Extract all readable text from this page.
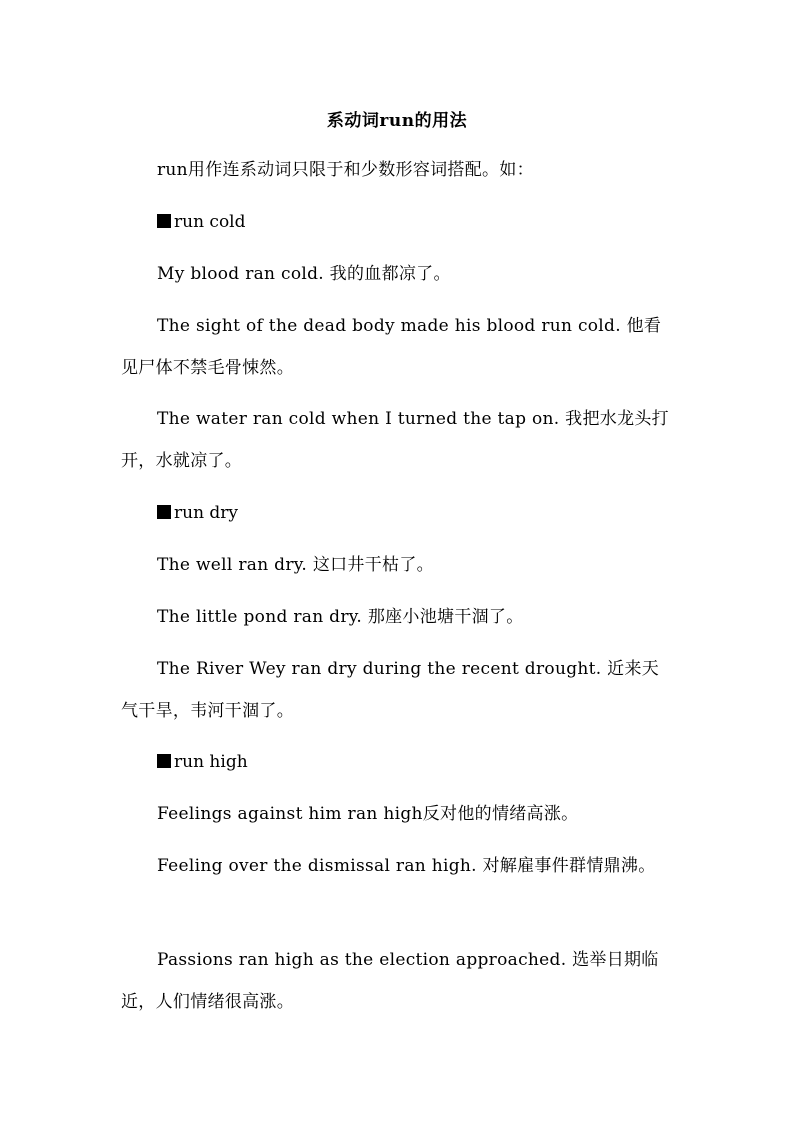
系动词run的用法
run用作连系动词只限于和少数形容词搭配。如：
run cold
My blood ran cold. 我的血都凉了。
The sight of the dead body made his blood run cold. 他看见尸体不禁毛骨悚然。
The water ran cold when I turned the tap on. 我把水龙头打开，水就凉了。
run dry
The well ran dry. 这口井干枯了。
The little pond ran dry. 那座小池塘干涸了。
The River Wey ran dry during the recent drought. 近来天气干旱，韦河干涸了。
run high
Feelings against him ran high反对他的情绪高涨。
Feeling over the dismissal ran high. 对解雇事件群情鼎沸。
Passions ran high as the election approached. 选举日期临近，人们情绪很高涨。
